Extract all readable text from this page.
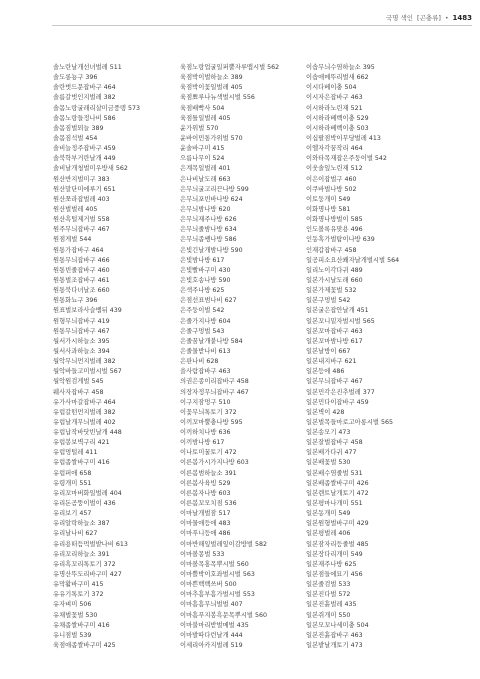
국명 색인 [곤충류] • 1483
솔노란날개선녀벌레 511
솔도롱뇽구 396
솔란벗드문잡바구 464
솔름갈벗인지벌레 382
솔몸노랑굴래리살미금풍뎅 573
솔몸노랑들정나비 586
솔몸짐벌뫼늘 389
솔몸짐석벌 454
솔비늘정주잡바구 459
솔북학부거란날개 449
솔비날개청벌미우방새 562
원산반지벌미구 383
원산말단미에루기 651
원산쪼라잡벌레 403
원산벌벌레 405
원산흑털제거벌 558
원주무늬잡바구 467
원점게벌 544
원통가잡바구 464
원통무늬잡바구 466
원통빈줄잡바구 460
원통벌조잡바구 461
원통북다녀날조 660
원통화뇨구 396
원표벌보라사슬뱀뒤 439
원형무늬잡바구 419
원통무늬잡바구 467
월서가시하늘소 395
월서사과하늘소 394
월악무늬먼지벌레 382
월악바들고미벌시벌 567
월악원검게벌 545
웨사자잡바구 458
유가사마갈잡바구 464
유럽갈떤먼지벌레 382
유럽날개무늬벌레 402
유럽납작바닷빈날개 448
유럽봉보벽구리 421
유럽멍털레 411
유럽좁쌀바구미 416
유럽퍼애 658
유령개미 551
유리꼬마버화일벌레 404
유리돈곰뚱이벌이 436
유리보기 457
유리알락하늘소 387
유리날나비 627
유리용떠듬먹벌밭나비 613
유리꼬리하늘소 391
유리흑꼬리톡토기 372
유명산뚜도리바구미 427
유막활바구미 415
유유기톡토기 372
유자벼미 506
유채벌꽃벌 530
유채좁쌀바구미 416
유니점벌 539
육점애좁쌀바구미 425
육점노랑업굴일퍼뿔자루맵시벌 562
육점박이벌하늘소 389
육점박이꽃일벌레 405
육점뾰루나뉴색벌시벌 556
육점배빡사 504
육점틀일벌레 405
윤가위벌 570
윤바이민통가위벌 570
윤솔바구미 415
으름나무이 524
은계목일벌레 401
은나비날도래 663
은무늬굴고리끈나방 599
은무늬포빈바나방 624
은무늬밤나방 620
은무늬재주나방 626
은무늬줄밤나방 634
은무늬좁쌩나방 586
은빛긴날개밤나방 590
은빛밤나방 617
은빛빨바구미 430
은빛호송나방 590
은색주나방 625
은점선표범나비 627
은주둥이벌 542
은줄가지나방 604
은줄구멍벌 543
은줄꿈날개붙나방 584
은줄물받나비 613
은판나비 628
을사람잡바구 463
의권은종이리잡바구 458
의장자정무늬잡바구 467
이구지잠멍구 510
이꽃무늬톡토기 372
이끼꼬마뿔충나방 595
이끼하치나방 636
이끼밤나방 617
이나토미꿀토기 472
이른봄가시가지나방 603
이른봄범하늘소 391
이른봄사육빙 529
이른봄자나방 603
이른봄꼬모치점 536
이마날개벌잠 517
이마물애등애 483
이마푸니등애 486
이마반해잎벌레잎이감방벌 582
이마볼몽벌 533
이마볼목홍목뿌시벌 560
이마쁠박이호좌벌시벌 563
이마쁜백백쓰버 500
이마추흠부흠가벌시벌 553
이마흠흠무늬벌벌 407
이마흠푸지봉흑문목뿌시벌 560
이마불마리받벌메벌 435
이마발따다런날개 444
이세리아카지벌레 519
이솝무늬수염하늘소 395
이솝애메뚜리벌새 662
이시다베이충 504
이시자은잡바구 463
이시하라노린재 521
이시하라베벡이충 529
이시하라베벡이충 503
이십팔점박이무당벌레 413
이엘자각꿈작리 464
이와타목재잡은주둥이벌 542
이웃솔잎노린재 512
이은이잡벌구 460
이쿠바벌나방 502
이토둥개미 549
이화명나방 581
이화명나방벌이 585
인도볼록유맞용 496
인동혹가벌탐이나방 639
인재갑잡바구 458
일공피소요산쐐자날개벌시벌 564
일리노이각다귀 489
일본가시날도래 660
일본가제꽃벌 532
일본구멍벌 542
일본굴은잡안날개 451
일본꼬니밑자벌시벌 565
일본꼬마잡바구 463
일본꼬마밤나방 617
일본날방이 667
일본내지바구 621
일본등에 486
일본무늬잡바구 467
일본민각은진추벌레 377
일본민다이잡바구 459
일본벽이 428
일본벌목들마로고아롱시벌 565
일본송모기 473
일본잘벌잡바구 458
일본배가다귀 477
일본배꽃벌 530
일본배수염줄벌 531
일본배좁쌀바구미 426
일본렌트날개토기 472
일본평마나개미 551
일본동개미 549
일본원형벌바구미 429
일본평벌레 406
일본잠자리등줄벌 485
일본장다리개미 549
일본재주나방 625
일본점들에묘기 456
일본줄검벌 533
일본진다벌 572
일본진흙벌레 435
일본쥐개미 550
일본모꼬나세미충 504
일본진흙잡바구 463
일본밭날개토기 473
